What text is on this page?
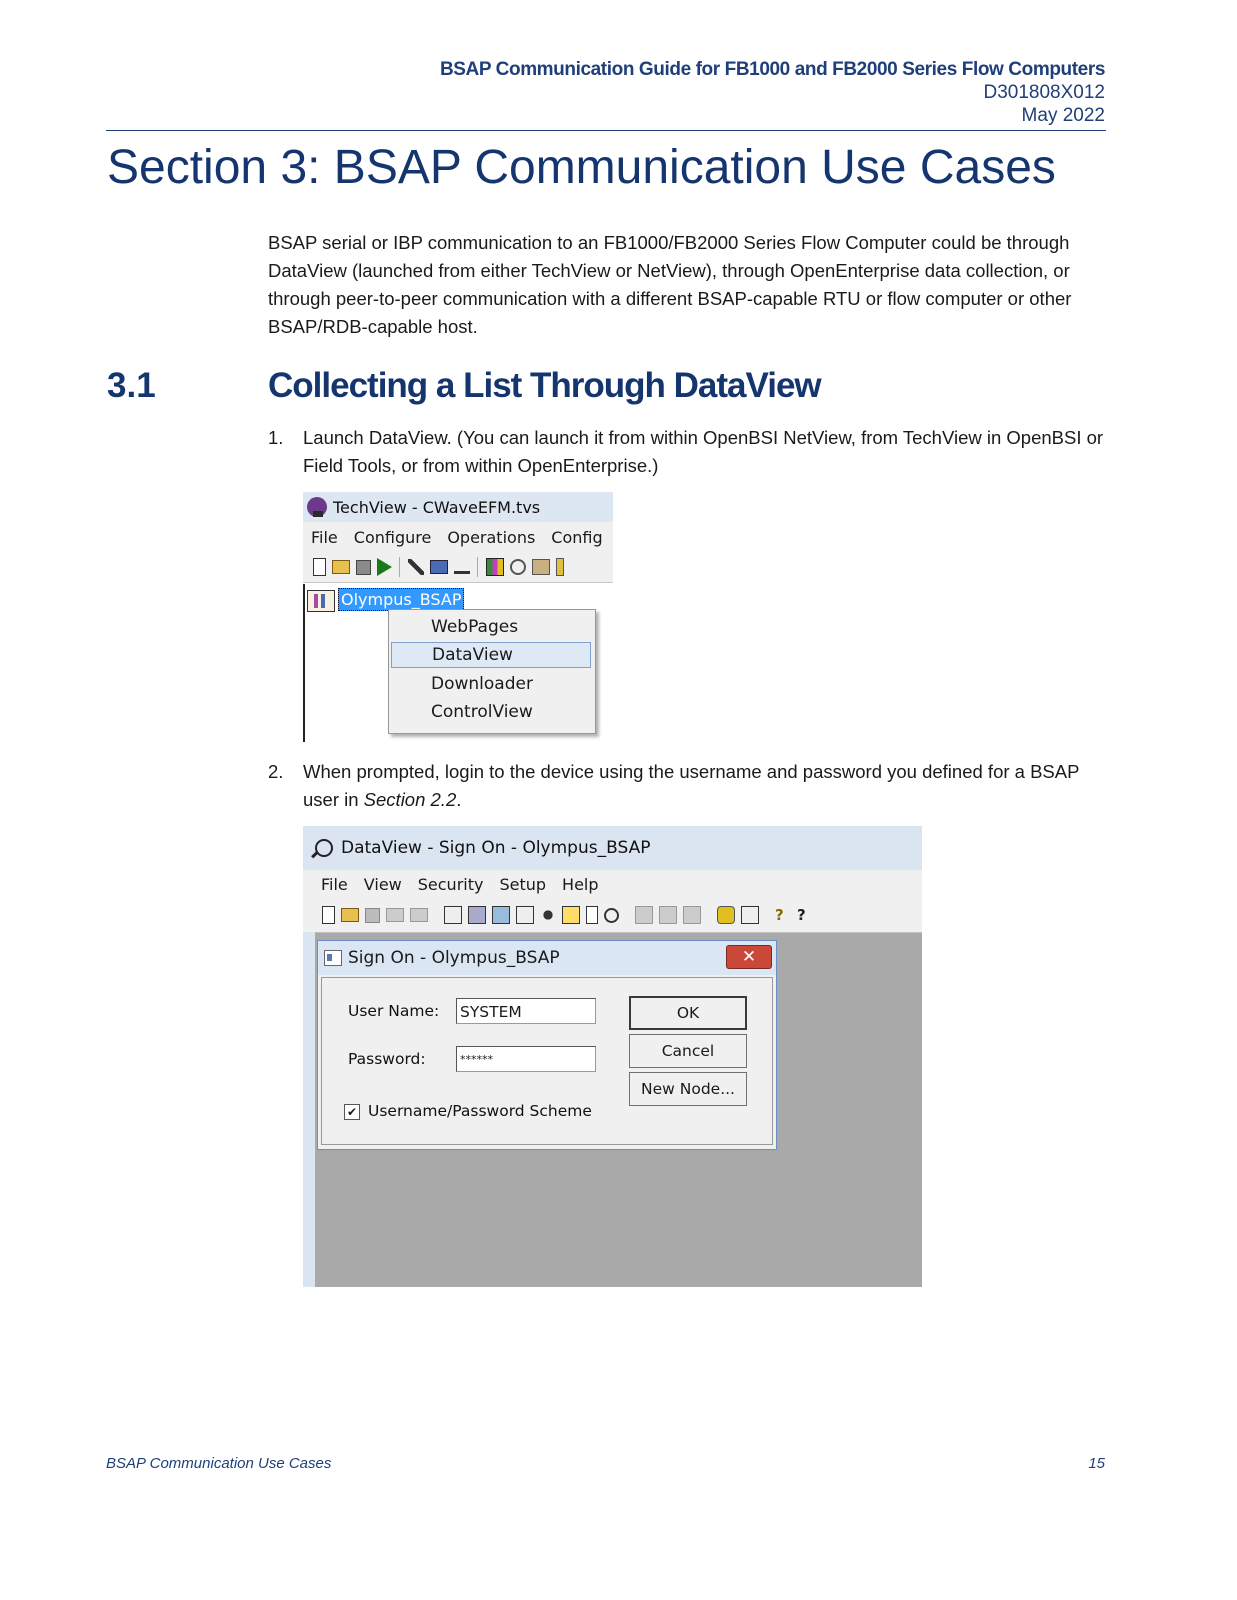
BSAP Communication Guide for FB1000 and FB2000 Series Flow Computers
D301808X012
May 2022
Section 3: BSAP Communication Use Cases

BSAP serial or IBP communication to an FB1000/FB2000 Series Flow Computer could be through DataView (launched from either TechView or NetView), through OpenEnterprise data collection, or through peer-to-peer communication with a different BSAP-capable RTU or flow computer or other BSAP/RDB-capable host.

3.1	Collecting a List Through DataView
1. Launch DataView. (You can launch it from within OpenBSI NetView, from TechView in OpenBSI or Field Tools, or from within OpenEnterprise.)
TechView - CWaveEFM.tvs
File Configure Operations Config
Olympus_BSAP
WebPages
DataView
Downloader
ControlView
2. When prompted, login to the device using the username and password you defined for a BSAP user in Section 2.2.
DataView - Sign On - Olympus_BSAP
File View Security Setup Help
? ?
Sign On - Olympus_BSAP	✕
User Name: SYSTEM
Password:	******
OK
Cancel
New Node...
✔ Username/Password Scheme
BSAP Communication Use Cases	15
